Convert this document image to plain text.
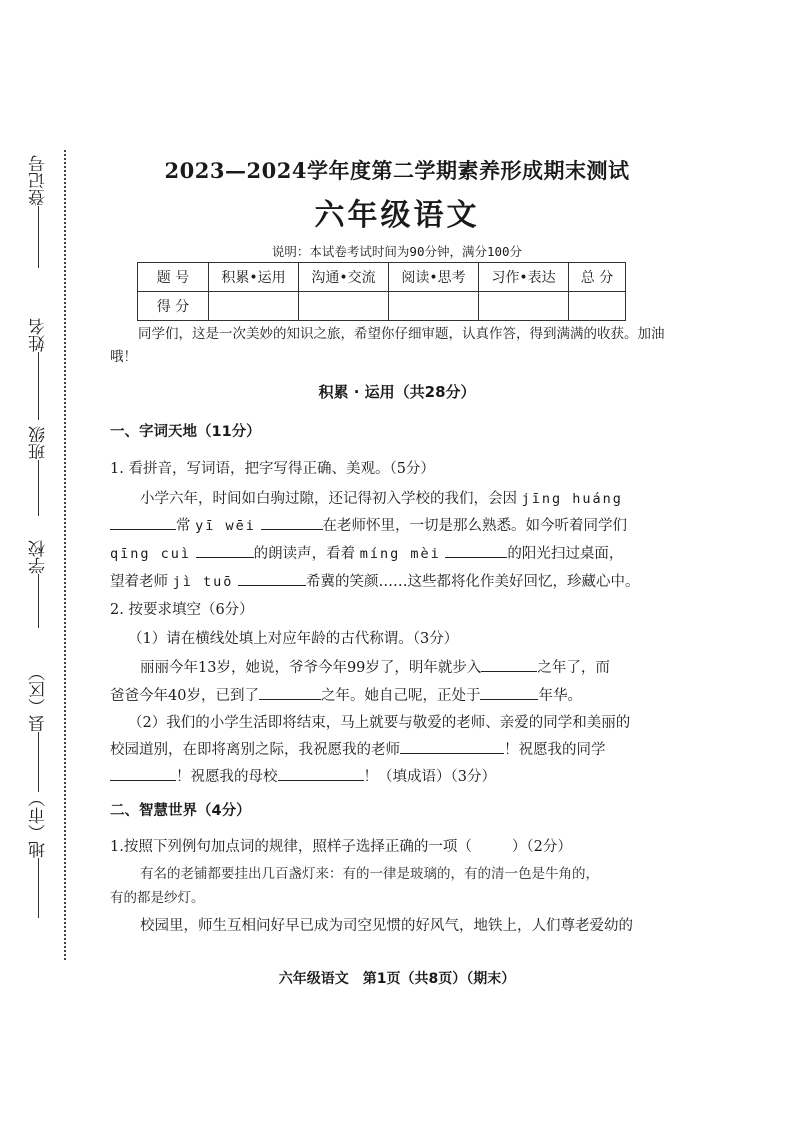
登记号
姓名
班级
学校
县（区）
地（市）
2023—2024学年度第二学期素养形成期末测试
六年级语文
说明：本试卷考试时间为90分钟，满分100分
题 号	积累•运用	沟通•交流	阅读•思考	习作•表达	总 分
得 分					
同学们，这是一次美妙的知识之旅，希望你仔细审题，认真作答，得到满满的收获。加油哦！
积累 · 运用（共28分）
一、字词天地（11分）
1. 看拼音，写词语，把字写得正确、美观。（5分）
小学六年，时间如白驹过隙，还记得初入学校的我们，会因 jīng huáng
常 yī wēi	在老师怀里，一切是那么熟悉。如今听着同学们
qīng cuì	的朗读声，看着 míng mèi	的阳光扫过桌面，
望着老师 jì tuō	希冀的笑颜……这些都将化作美好回忆，珍藏心中。
2. 按要求填空（6分）
（1）请在横线处填上对应年龄的古代称谓。（3分）
丽丽今年13岁，她说，爷爷今年99岁了，明年就步入	之年了，而
爸爸今年40岁，已到了	之年。她自己呢，正处于	年华。
（2）我们的小学生活即将结束，马上就要与敬爱的老师、亲爱的同学和美丽的
校园道别，在即将离别之际，我祝愿我的老师	！祝愿我的同学
！祝愿我的母校	！（填成语）（3分）
二、智慧世界（4分）
1.按照下列例句加点词的规律，照样子选择正确的一项（	）（2分）
有名的老铺都要挂出几百盏灯来：有的一律是玻璃的，有的清一色是牛角的，
有的都是纱灯。
校园里，师生互相问好早已成为司空见惯的好风气，地铁上，人们尊老爱幼的
六年级语文　第1页（共8页）（期末）
